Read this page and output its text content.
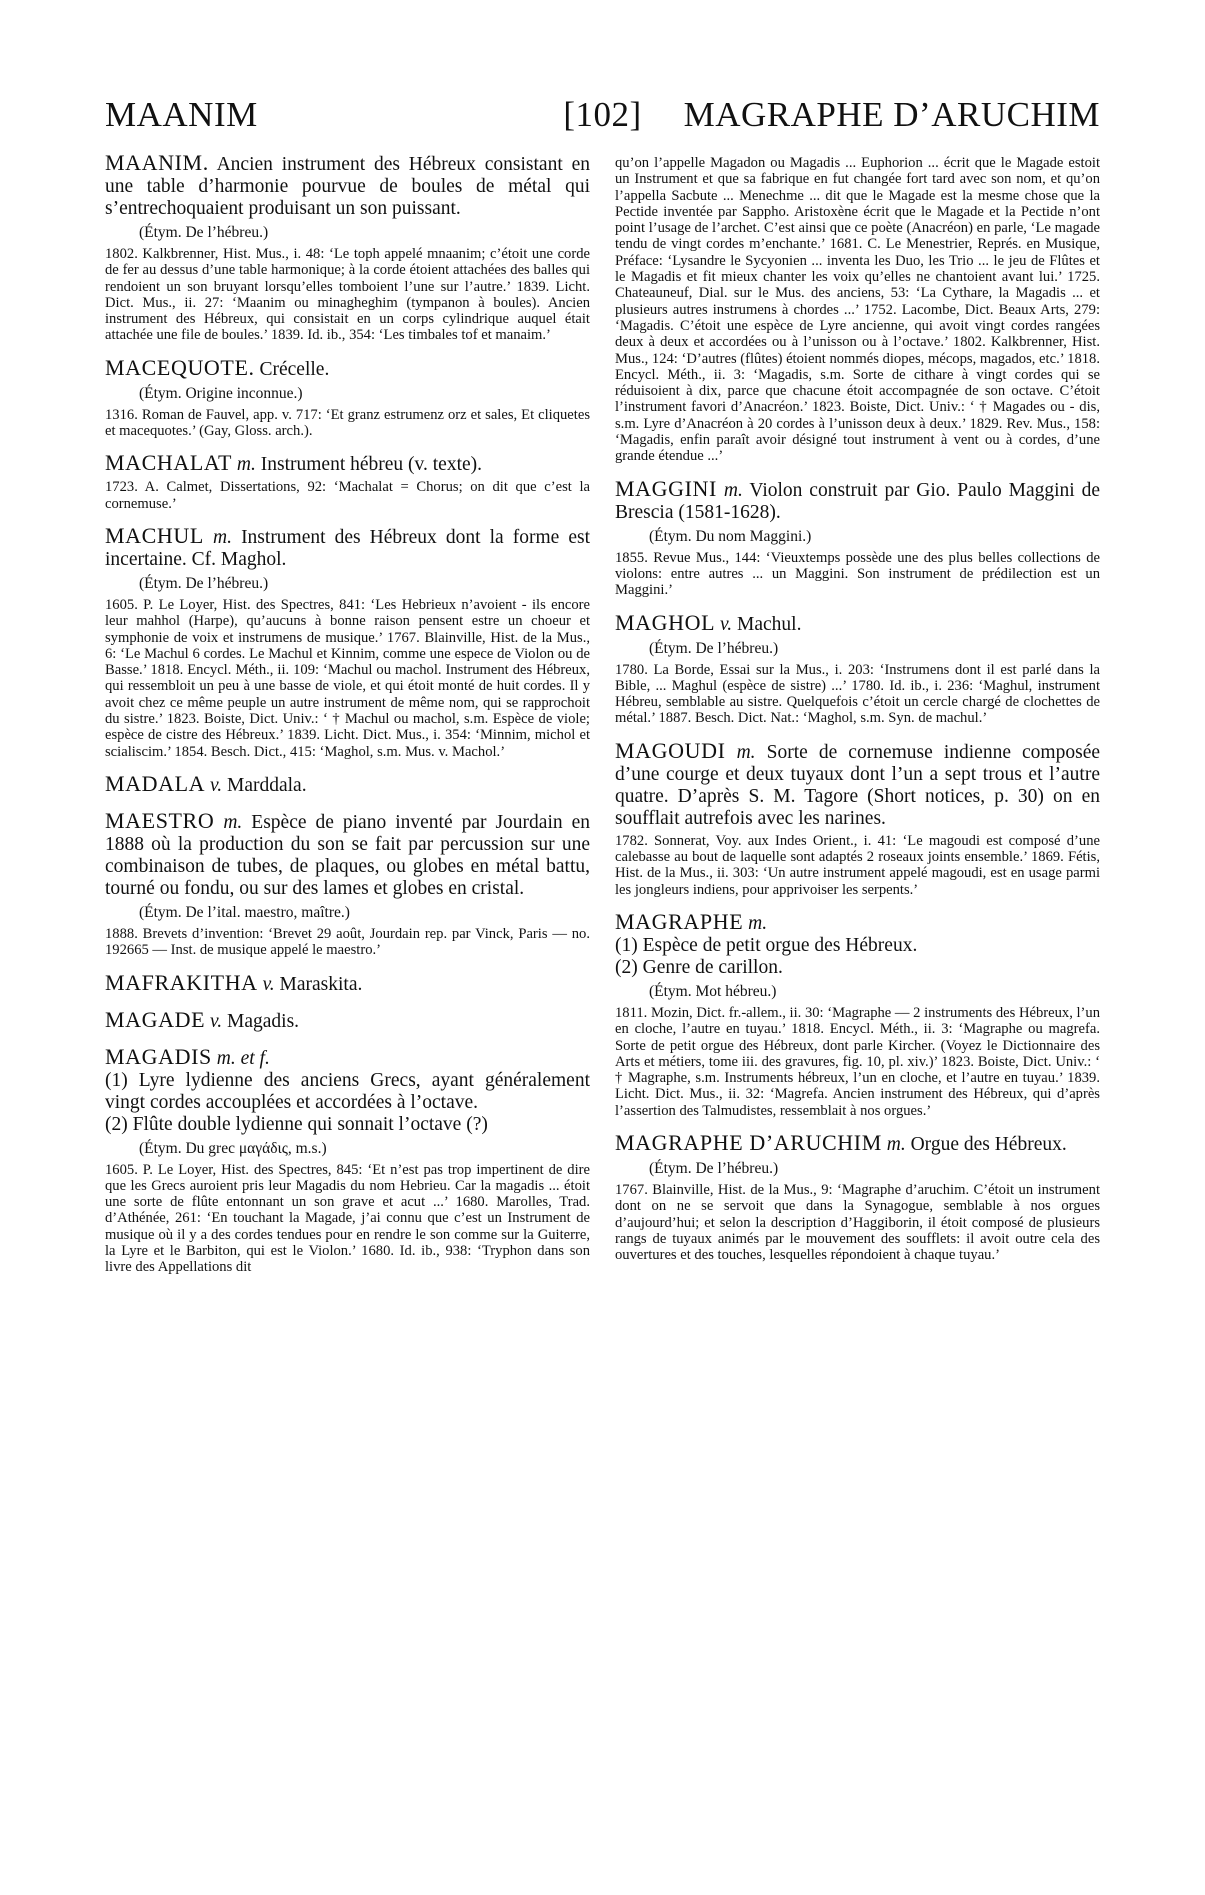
MAANIM	[102]	MAGRAPHE D’ARUCHIM

MAANIM. Ancien instrument des Hébreux consistant en une table d’harmonie pourvue de boules de métal qui s’entrechoquaient produisant un son puissant.

(Étym. De l’hébreu.)

1802. Kalkbrenner, Hist. Mus., i. 48: ‘Le toph appelé mnaanim; c’étoit une corde de fer au dessus d’une table harmonique; à la corde étoient attachées des balles qui rendoient un son bruyant lorsqu’elles tomboient l’une sur l’autre.’ 1839. Licht. Dict. Mus., ii. 27: ‘Maanim ou minagheghim (tympanon à boules). Ancien instrument des Hébreux, qui consistait en un corps cylindrique auquel était attachée une file de boules.’ 1839. Id. ib., 354: ‘Les timbales tof et manaim.’

MACEQUOTE. Crécelle.

(Étym. Origine inconnue.)

1316. Roman de Fauvel, app. v. 717: ‘Et granz estrumenz orz et sales, Et cliquetes et macequotes.’ (Gay, Gloss. arch.).

MACHALAT m. Instrument hébreu (v. texte).

1723. A. Calmet, Dissertations, 92: ‘Machalat = Chorus; on dit que c’est la cornemuse.’

MACHUL m. Instrument des Hébreux dont la forme est incertaine. Cf. Maghol.

(Étym. De l’hébreu.)

1605. P. Le Loyer, Hist. des Spectres, 841: ‘Les Hebrieux n’avoient - ils encore leur mahhol (Harpe), qu’aucuns à bonne raison pensent estre un choeur et symphonie de voix et instrumens de musique.’ 1767. Blainville, Hist. de la Mus., 6: ‘Le Machul 6 cordes. Le Machul et Kinnim, comme une espece de Violon ou de Basse.’ 1818. Encycl. Méth., ii. 109: ‘Machul ou machol. Instrument des Hébreux, qui ressembloit un peu à une basse de viole, et qui étoit monté de huit cordes. Il y avoit chez ce même peuple un autre instrument de même nom, qui se rapprochoit du sistre.’ 1823. Boiste, Dict. Univ.: ‘ † Machul ou machol, s.m. Espèce de viole; espèce de cistre des Hébreux.’ 1839. Licht. Dict. Mus., i. 354: ‘Minnim, michol et scialiscim.’ 1854. Besch. Dict., 415: ‘Maghol, s.m. Mus. v. Machol.’

MADALA v. Marddala.

MAESTRO m. Espèce de piano inventé par Jourdain en 1888 où la production du son se fait par percussion sur une combinaison de tubes, de plaques, ou globes en métal battu, tourné ou fondu, ou sur des lames et globes en cristal.

(Étym. De l’ital. maestro, maître.)

1888. Brevets d’invention: ‘Brevet 29 août, Jourdain rep. par Vinck, Paris — no. 192665 — Inst. de musique appelé le maestro.’

MAFRAKITHA v. Maraskita.

MAGADE v. Magadis.

MAGADIS m. et f.

(1) Lyre lydienne des anciens Grecs, ayant généralement vingt cordes accouplées et accordées à l’octave.

(2) Flûte double lydienne qui sonnait l’octave (?)

(Étym. Du grec μαγάδις, m.s.)

1605. P. Le Loyer, Hist. des Spectres, 845: ‘Et n’est pas trop impertinent de dire que les Grecs auroient pris leur Magadis du nom Hebrieu. Car la magadis ... étoit une sorte de flûte entonnant un son grave et acut ...’ 1680. Marolles, Trad. d’Athénée, 261: ‘En touchant la Magade, j’ai connu que c’est un Instrument de musique où il y a des cordes tendues pour en rendre le son comme sur la Guiterre, la Lyre et le Barbiton, qui est le Violon.’ 1680. Id. ib., 938: ‘Tryphon dans son livre des Appellations dit

qu’on l’appelle Magadon ou Magadis ... Euphorion ... écrit que le Magade estoit un Instrument et que sa fabrique en fut changée fort tard avec son nom, et qu’on l’appella Sacbute ... Menechme ... dit que le Magade est la mesme chose que la Pectide inventée par Sappho. Aristoxène écrit que le Magade et la Pectide n’ont point l’usage de l’archet. C’est ainsi que ce poète (Anacréon) en parle, ‘Le magade tendu de vingt cordes m’enchante.’ 1681. C. Le Menestrier, Représ. en Musique, Préface: ‘Lysandre le Sycyonien ... inventa les Duo, les Trio ... le jeu de Flûtes et le Magadis et fit mieux chanter les voix qu’elles ne chantoient avant lui.’ 1725. Chateauneuf, Dial. sur le Mus. des anciens, 53: ‘La Cythare, la Magadis ... et plusieurs autres instrumens à chordes ...’ 1752. Lacombe, Dict. Beaux Arts, 279: ‘Magadis. C’étoit une espèce de Lyre ancienne, qui avoit vingt cordes rangées deux à deux et accordées ou à l’unisson ou à l’octave.’ 1802. Kalkbrenner, Hist. Mus., 124: ‘D’autres (flûtes) étoient nommés diopes, mécops, magados, etc.’ 1818. Encycl. Méth., ii. 3: ‘Magadis, s.m. Sorte de cithare à vingt cordes qui se réduisoient à dix, parce que chacune étoit accompagnée de son octave. C’étoit l’instrument favori d’Anacréon.’ 1823. Boiste, Dict. Univ.: ‘ † Magades ou - dis, s.m. Lyre d’Anacréon à 20 cordes à l’unisson deux à deux.’ 1829. Rev. Mus., 158: ‘Magadis, enfin paraît avoir désigné tout instrument à vent ou à cordes, d’une grande étendue ...’

MAGGINI m. Violon construit par Gio. Paulo Maggini de Brescia (1581-1628).

(Étym. Du nom Maggini.)

1855. Revue Mus., 144: ‘Vieuxtemps possède une des plus belles collections de violons: entre autres ... un Maggini. Son instrument de prédilection est un Maggini.’

MAGHOL v. Machul.

(Étym. De l’hébreu.)

1780. La Borde, Essai sur la Mus., i. 203: ‘Instrumens dont il est parlé dans la Bible, ... Maghul (espèce de sistre) ...’ 1780. Id. ib., i. 236: ‘Maghul, instrument Hébreu, semblable au sistre. Quelquefois c’étoit un cercle chargé de clochettes de métal.’ 1887. Besch. Dict. Nat.: ‘Maghol, s.m. Syn. de machul.’

MAGOUDI m. Sorte de cornemuse indienne composée d’une courge et deux tuyaux dont l’un a sept trous et l’autre quatre. D’après S. M. Tagore (Short notices, p. 30) on en soufflait autrefois avec les narines.

1782. Sonnerat, Voy. aux Indes Orient., i. 41: ‘Le magoudi est composé d’une calebasse au bout de laquelle sont adaptés 2 roseaux joints ensemble.’ 1869. Fétis, Hist. de la Mus., ii. 303: ‘Un autre instrument appelé magoudi, est en usage parmi les jongleurs indiens, pour apprivoiser les serpents.’

MAGRAPHE m.

(1) Espèce de petit orgue des Hébreux.

(2) Genre de carillon.

(Étym. Mot hébreu.)

1811. Mozin, Dict. fr.-allem., ii. 30: ‘Magraphe — 2 instruments des Hébreux, l’un en cloche, l’autre en tuyau.’ 1818. Encycl. Méth., ii. 3: ‘Magraphe ou magrefa. Sorte de petit orgue des Hébreux, dont parle Kircher. (Voyez le Dictionnaire des Arts et métiers, tome iii. des gravures, fig. 10, pl. xiv.)’ 1823. Boiste, Dict. Univ.: ‘ † Magraphe, s.m. Instruments hébreux, l’un en cloche, et l’autre en tuyau.’ 1839. Licht. Dict. Mus., ii. 32: ‘Magrefa. Ancien instrument des Hébreux, qui d’après l’assertion des Talmudistes, ressemblait à nos orgues.’

MAGRAPHE D’ARUCHIM m. Orgue des Hébreux.

(Étym. De l’hébreu.)

1767. Blainville, Hist. de la Mus., 9: ‘Magraphe d’aruchim. C’étoit un instrument dont on ne se servoit que dans la Synagogue, semblable à nos orgues d’aujourd’hui; et selon la description d’Haggiborin, il étoit composé de plusieurs rangs de tuyaux animés par le mouvement des soufflets: il avoit outre cela des ouvertures et des touches, lesquelles répondoient à chaque tuyau.’
